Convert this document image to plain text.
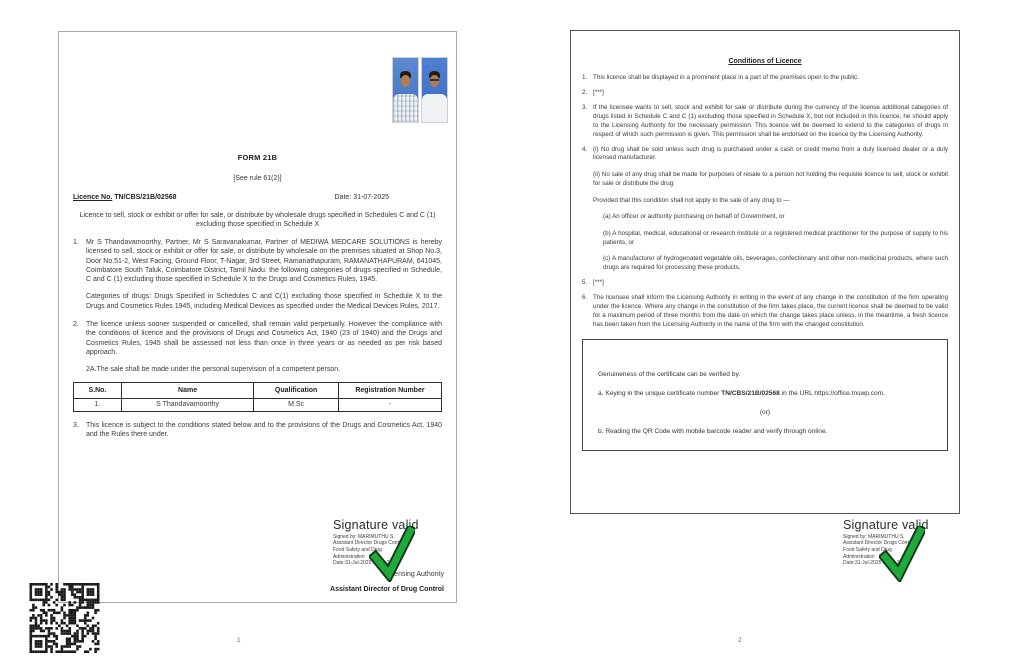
FORM 21B
[See rule 61(2)]
Licence No. TN/CBS/21B/02568	Date: 31-07-2025

Licence to sell, stock or exhibit or offer for sale, or distribute by wholesale drugs specified in Schedules C and C (1) excluding those specified in Schedule X

1.	Mr S Thandavamoorthy, Partner, Mr S Saravanakumar, Partner of MEDIWA MEDCARE SOLUTIONS is hereby licensed to sell, stock or exhibit or offer for sale, or distribute by wholesale on the premises situated at Shop No.3, Door No.51-2, West Facing, Ground Floor, T-Nagar, 3rd Street, Ramanathapuram, RAMANATHAPURAM, 641045, Coimbatore South Taluk, Coimbatore District, Tamil Nadu. the following categories of drugs specified in Schedule, C and C (1) excluding those specified in Schedule X to the Drugs and Cosmetics Rules, 1945.

Categories of drugs: Drugs Specified in Schedules C and C(1) excluding those specified in Schedule X to the Drugs and Cosmetics Rules 1945, including Medical Devices as specified under the Medical Devices Rules, 2017.

2.	The licence unless sooner suspended or cancelled, shall remain valid perpetually. However the compliance with the conditions of licence and the provisions of Drugs and Cosmetics Act, 1940 (23 of 1940) and the Drugs and Cosmetics Rules, 1945 shall be assessed not less than once in three years or as needed as per risk based approach.

2A.The sale shall be made under the personal supervision of a competent person.

S.No.	Name	Qualification	Registration Number
1.	S Thandavamoorthy	M.Sc	-
3.	This licence is subject to the conditions stated below and to the provisions of the Drugs and Cosmetics Act, 1940 and the Rules there under.

Licensing Authority
Assistant Director of Drug Control
Conditions of Licence
1. This licence shall be displayed in a prominent place in a part of the premises open to the public.

2. [***]

3. If the licensee wants to sell, stock and exhibit for sale or distribute during the currency of the license additional categories of drugs listed in Schedule C and C (1) excluding those specified in Schedule X, but not included in this licence, he should apply to the Licensing Authority for the necessary permission. This licence will be deemed to extend to the categories of drugs in respect of which such permission is given. This permission shall be endorsed on the licence by the Licensing Authority.

4. (i) No drug shall be sold unless such drug is purchased under a cash or credit memo from a duly licensed dealer or a duly licensed manufacturer.

(ii) No sale of any drug shall be made for purposes of resale to a person not holding the requisite licence to sell, stock or exhibit for sale or distribute the drug:

Provided that this condition shall not apply to the sale of any drug to —

(a) An officer or authority purchasing on behalf of Government, or

(b) A hospital, medical, educational or research institute or a registered medical practitioner for the purpose of supply to his patients, or

(c) A manufacturer of hydrogenated vegetable oils, beverages, confectionary and other non-medicinal products, where such drugs are required for processing these products.

5. [***]

6. The licensee shall inform the Licensing Authority in writing in the event of any change in the constitution of the firm operating under the licence. Where any change in the constitution of the firm takes place, the current licence shall be deemed to be valid for a maximum period of three months from the date on which the change takes place unless, in the meantime, a fresh licence has been taken from the Licensing Authority in the name of the firm with the changed constitution.

Genuineness of the certificate can be verified by.

a. Keying in the unique certificate number TN/CBS/21B/02568 in the URL https://office.tnswp.com.

(or)

b. Reading the QR Code with mobile barcode reader and verify through online.

Signature valid
Signed by: MARIMUTHU S,
Assistant Director Drugs Control,
Food Safety and Drug
Administration
Date:31-Jul-2025 17:29:23
Signature valid
Signed by: MARIMUTHU S,
Assistant Director Drugs Control,
Food Safety and Drug
Administration
Date:31-Jul-2025 17:29:23
1	2
